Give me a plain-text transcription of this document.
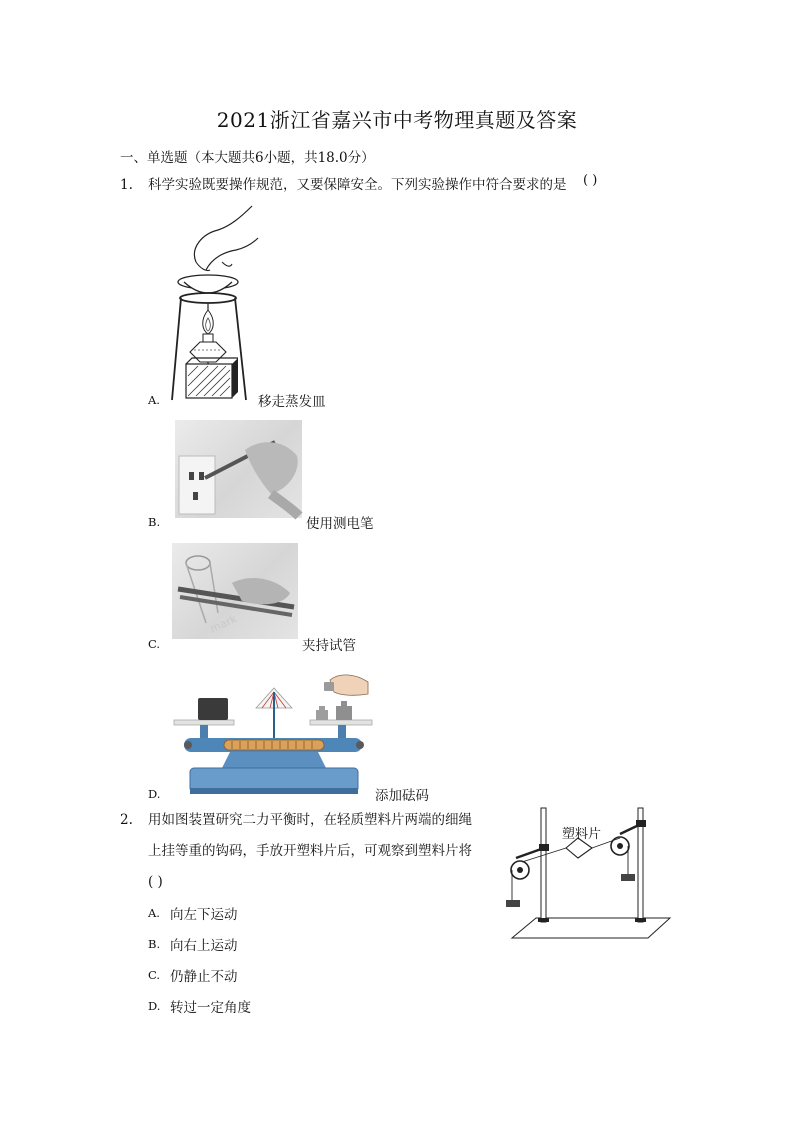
2021浙江省嘉兴市中考物理真题及答案
一、单选题（本大题共6小题，共18.0分）
1. 科学实验既要操作规范，又要保障安全。下列实验操作中符合要求的是 ( )
A.	移走蒸发皿
B.	使用测电笔
mark
C.	夹持试管
D.	添加砝码
2. 用如图装置研究二力平衡时，在轻质塑料片两端的细绳
上挂等重的钩码，手放开塑料片后，可观察到塑料片将
( )
A. 向左下运动
B. 向右上运动
C. 仍静止不动
D. 转过一定角度
塑料片
